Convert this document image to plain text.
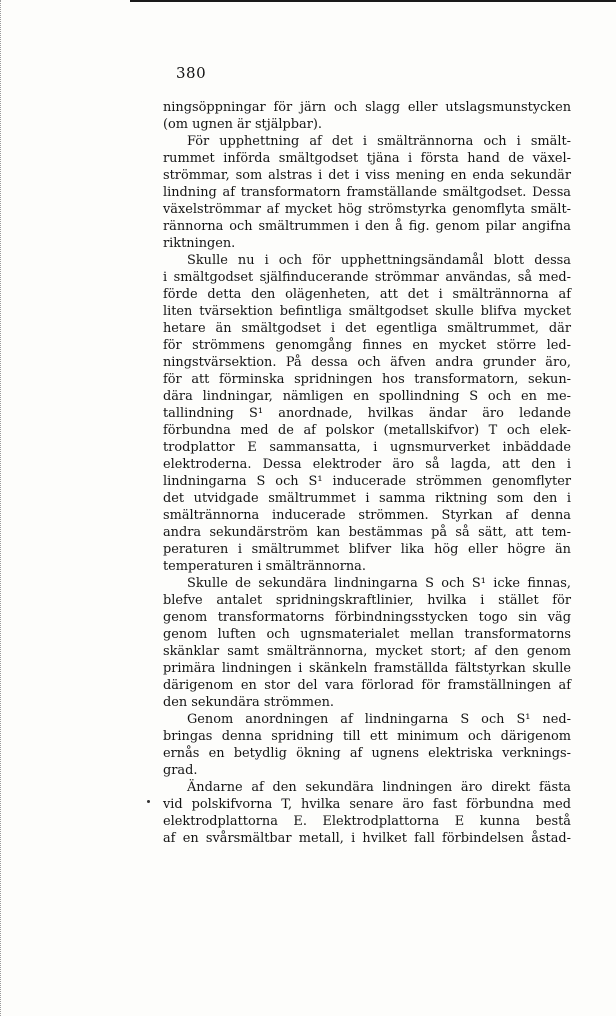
380
ningsöppningar för järn och slagg eller utslagsmunstycken
(om ugnen är stjälpbar).
För upphettning af det i smältrännorna och i smält-
rummet införda smältgodset tjäna i första hand de växel-
strömmar, som alstras i det i viss mening en enda sekundär
lindning af transformatorn framställande smältgodset. Dessa
växelströmmar af mycket hög strömstyrka genomflyta smält-
rännorna och smältrummen i den å fig. genom pilar angifna
riktningen.
Skulle nu i och för upphettningsändamål blott dessa
i smältgodset själfinducerande strömmar användas, så med-
förde detta den olägenheten, att det i smältrännorna af
liten tvärsektion befintliga smältgodset skulle blifva mycket
hetare än smältgodset i det egentliga smältrummet, där
för strömmens genomgång finnes en mycket större led-
ningstvärsektion. På dessa och äfven andra grunder äro,
för att förminska spridningen hos transformatorn, sekun-
dära lindningar, nämligen en spollindning S och en me-
tallindning S¹ anordnade, hvilkas ändar äro ledande
förbundna med de af polskor (metallskifvor) T och elek-
trodplattor E sammansatta, i ugnsmurverket inbäddade
elektroderna. Dessa elektroder äro så lagda, att den i
lindningarna S och S¹ inducerade strömmen genomflyter
det utvidgade smältrummet i samma riktning som den i
smältrännorna inducerade strömmen. Styrkan af denna
andra sekundärström kan bestämmas på så sätt, att tem-
peraturen i smältrummet blifver lika hög eller högre än
temperaturen i smältrännorna.
Skulle de sekundära lindningarna S och S¹ icke finnas,
blefve antalet spridningskraftlinier, hvilka i stället för
genom transformatorns förbindningsstycken togo sin väg
genom luften och ugnsmaterialet mellan transformatorns
skänklar samt smältrännorna, mycket stort; af den genom
primära lindningen i skänkeln framställda fältstyrkan skulle
därigenom en stor del vara förlorad för framställningen af
den sekundära strömmen.
Genom anordningen af lindningarna S och S¹ ned-
bringas denna spridning till ett minimum och därigenom
ernås en betydlig ökning af ugnens elektriska verknings-
grad.
Ändarne af den sekundära lindningen äro direkt fästa
vid polskifvorna T, hvilka senare äro fast förbundna med
elektrodplattorna E. Elektrodplattorna E kunna bestå
af en svårsmältbar metall, i hvilket fall förbindelsen åstad-
